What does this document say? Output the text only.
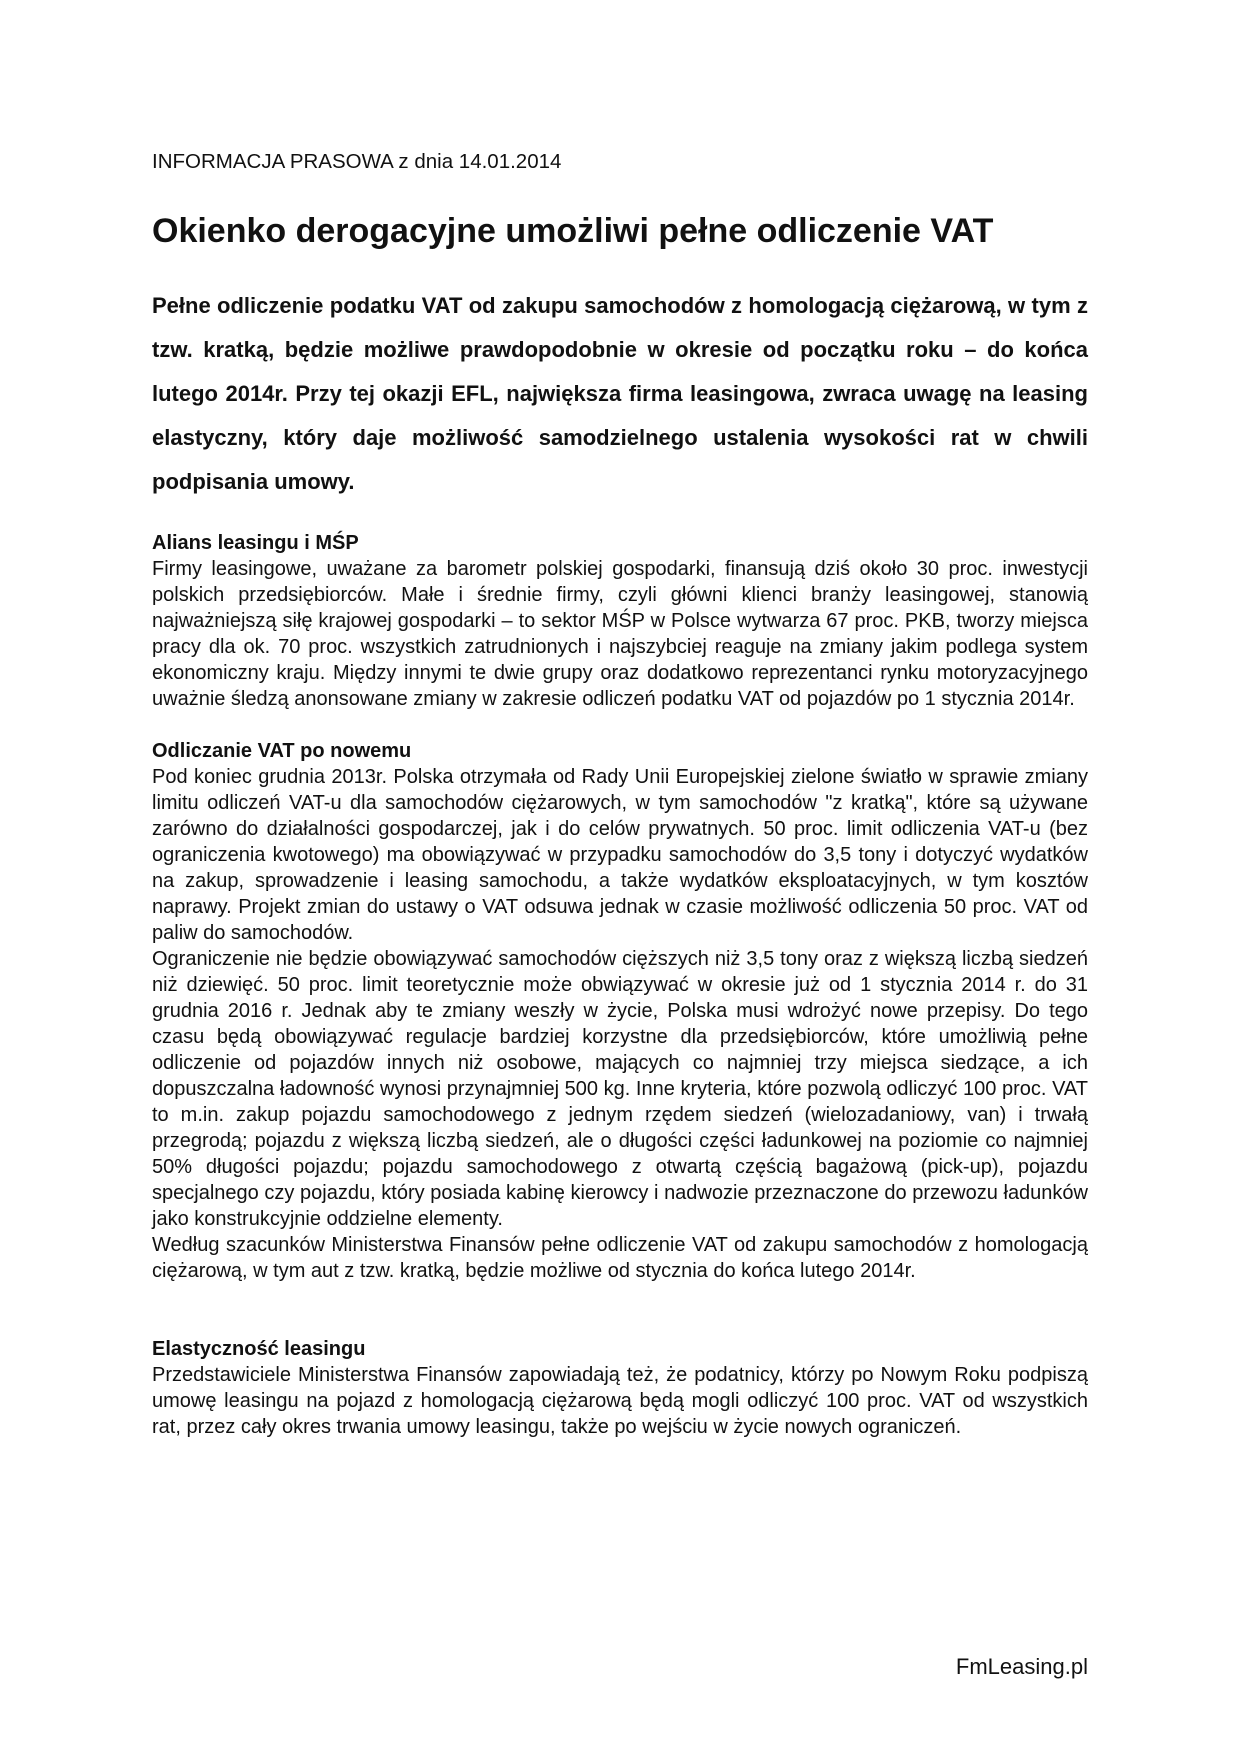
INFORMACJA PRASOWA z dnia 14.01.2014

Okienko derogacyjne umożliwi pełne odliczenie VAT

Pełne odliczenie podatku VAT od zakupu samochodów z homologacją ciężarową, w tym z tzw. kratką, będzie możliwe prawdopodobnie w okresie od początku roku – do końca lutego 2014r. Przy tej okazji EFL, największa firma leasingowa, zwraca uwagę na leasing elastyczny, który daje możliwość samodzielnego ustalenia wysokości rat w chwili podpisania umowy.

Alians leasingu i MŚP

Firmy leasingowe, uważane za barometr polskiej gospodarki, finansują dziś około 30 proc. inwestycji polskich przedsiębiorców. Małe i średnie firmy, czyli główni klienci branży leasingowej, stanowią najważniejszą siłę krajowej gospodarki – to sektor MŚP w Polsce wytwarza 67 proc. PKB, tworzy miejsca pracy dla ok. 70 proc. wszystkich zatrudnionych i najszybciej reaguje na zmiany jakim podlega system ekonomiczny kraju. Między innymi te dwie grupy oraz dodatkowo reprezentanci rynku motoryzacyjnego uważnie śledzą anonsowane zmiany w zakresie odliczeń podatku VAT od pojazdów po 1 stycznia 2014r.

Odliczanie VAT po nowemu

Pod koniec grudnia 2013r. Polska otrzymała od Rady Unii Europejskiej zielone światło w sprawie zmiany limitu odliczeń VAT-u dla samochodów ciężarowych, w tym samochodów "z kratką", które są używane zarówno do działalności gospodarczej, jak i do celów prywatnych. 50 proc. limit odliczenia VAT-u (bez ograniczenia kwotowego) ma obowiązywać w przypadku samochodów do 3,5 tony i dotyczyć wydatków na zakup, sprowadzenie i leasing samochodu, a także wydatków eksploatacyjnych, w tym kosztów naprawy. Projekt zmian do ustawy o VAT odsuwa jednak w czasie możliwość odliczenia 50 proc. VAT od paliw do samochodów.

Ograniczenie nie będzie obowiązywać samochodów cięższych niż 3,5 tony oraz z większą liczbą siedzeń niż dziewięć. 50 proc. limit teoretycznie może obwiązywać w okresie już od 1 stycznia 2014 r. do 31 grudnia 2016 r. Jednak aby te zmiany weszły w życie, Polska musi wdrożyć nowe przepisy. Do tego czasu będą obowiązywać regulacje bardziej korzystne dla przedsiębiorców, które umożliwią pełne odliczenie od pojazdów innych niż osobowe, mających co najmniej trzy miejsca siedzące, a ich dopuszczalna ładowność wynosi przynajmniej 500 kg. Inne kryteria, które pozwolą odliczyć 100 proc. VAT to m.in. zakup pojazdu samochodowego z jednym rzędem siedzeń (wielozadaniowy, van) i trwałą przegrodą; pojazdu z większą liczbą siedzeń, ale o długości części ładunkowej na poziomie co najmniej 50% długości pojazdu; pojazdu samochodowego z otwartą częścią bagażową (pick-up), pojazdu specjalnego czy pojazdu, który posiada kabinę kierowcy i nadwozie przeznaczone do przewozu ładunków jako konstrukcyjnie oddzielne elementy.

Według szacunków Ministerstwa Finansów pełne odliczenie VAT od zakupu samochodów z homologacją ciężarową, w tym aut z tzw. kratką, będzie możliwe od stycznia do końca lutego 2014r.

Elastyczność leasingu

Przedstawiciele Ministerstwa Finansów zapowiadają też, że podatnicy, którzy po Nowym Roku podpiszą umowę leasingu na pojazd z homologacją ciężarową będą mogli odliczyć 100 proc. VAT od wszystkich rat, przez cały okres trwania umowy leasingu, także po wejściu w życie nowych ograniczeń.

FmLeasing.pl
